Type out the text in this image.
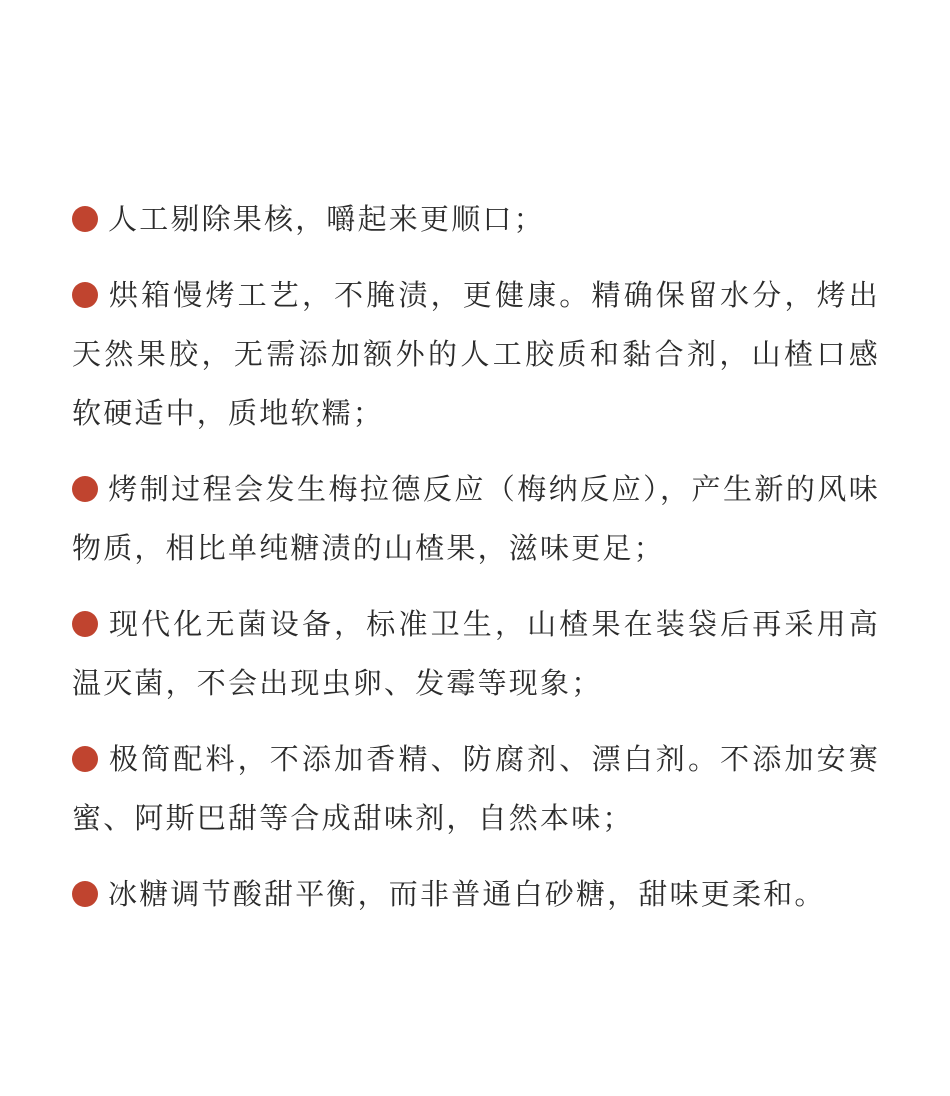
人工剔除果核，嚼起来更顺口；

烘箱慢烤工艺，不腌渍，更健康。精确保留水分，烤出天然果胶，无需添加额外的人工胶质和黏合剂，山楂口感软硬适中，质地软糯；

烤制过程会发生梅拉德反应（梅纳反应），产生新的风味物质，相比单纯糖渍的山楂果，滋味更足；

现代化无菌设备，标准卫生，山楂果在装袋后再采用高温灭菌，不会出现虫卵、发霉等现象；

极简配料，不添加香精、防腐剂、漂白剂。不添加安赛蜜、阿斯巴甜等合成甜味剂，自然本味；

冰糖调节酸甜平衡，而非普通白砂糖，甜味更柔和。
